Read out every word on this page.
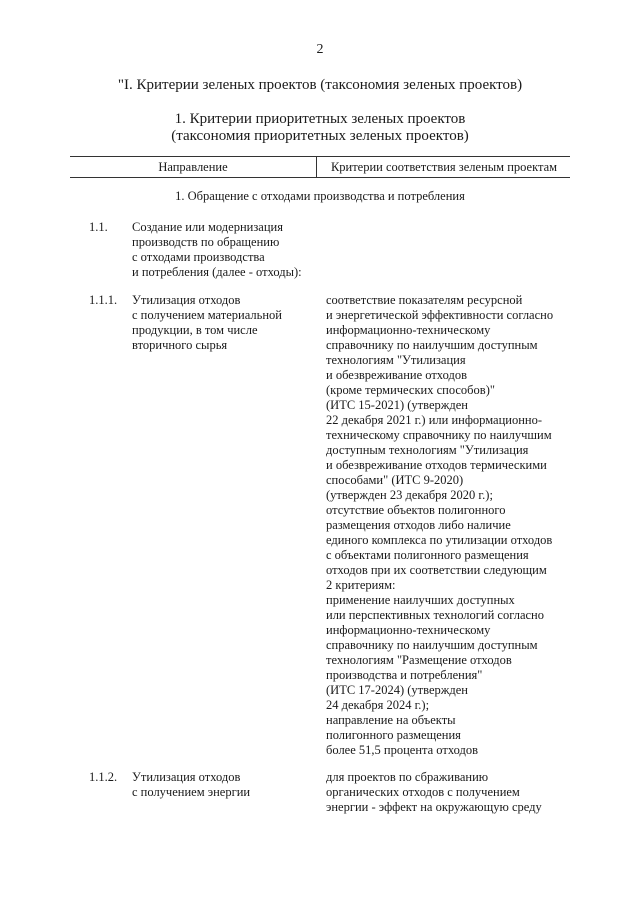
2
"I. Критерии зеленых проектов (таксономия зеленых проектов)
1. Критерии приоритетных зеленых проектов
(таксономия приоритетных зеленых проектов)
Направление	Критерии соответствия зеленым проектам
1. Обращение с отходами производства и потребления
1.1. Создание или модернизация
производств по обращению
с отходами производства
и потребления (далее - отходы):
1.1.1. Утилизация отходов
с получением материальной
продукции, в том числе
вторичного сырья
соответствие показателям ресурсной
и энергетической эффективности согласно
информационно-техническому
справочнику по наилучшим доступным
технологиям "Утилизация
и обезвреживание отходов
(кроме термических способов)"
(ИТС 15-2021) (утвержден
22 декабря 2021 г.) или информационно-
техническому справочнику по наилучшим
доступным технологиям "Утилизация
и обезвреживание отходов термическими
способами" (ИТС 9-2020)
(утвержден 23 декабря 2020 г.);
отсутствие объектов полигонного
размещения отходов либо наличие
единого комплекса по утилизации отходов
с объектами полигонного размещения
отходов при их соответствии следующим
2 критериям:
применение наилучших доступных
или перспективных технологий согласно
информационно-техническому
справочнику по наилучшим доступным
технологиям "Размещение отходов
производства и потребления"
(ИТС 17-2024) (утвержден
24 декабря 2024 г.);
направление на объекты
полигонного размещения
более 51,5 процента отходов
1.1.2. Утилизация отходов
с получением энергии
для проектов по сбраживанию
органических отходов с получением
энергии - эффект на окружающую среду
